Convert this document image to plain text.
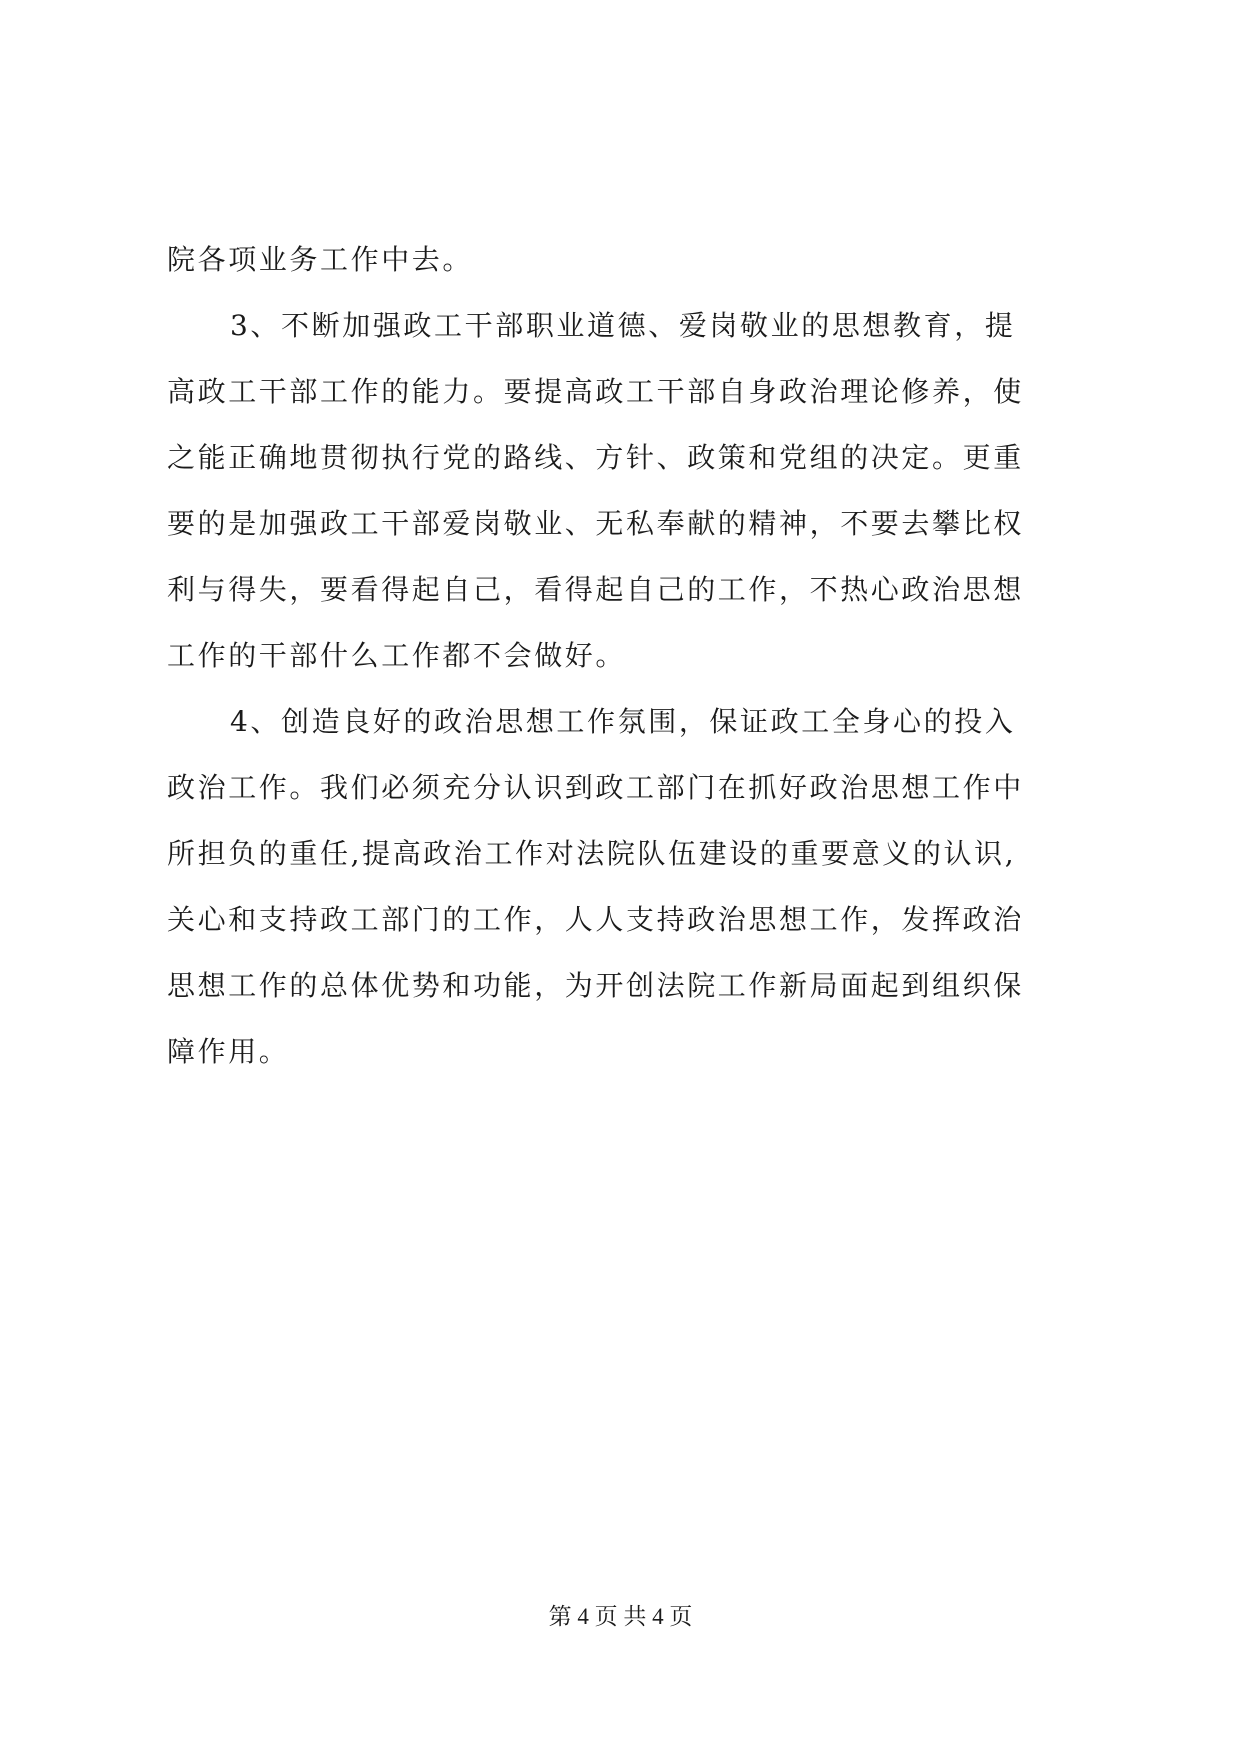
院各项业务工作中去。
3、不断加强政工干部职业道德、爱岗敬业的思想教育，提
高政工干部工作的能力。要提高政工干部自身政治理论修养，使
之能正确地贯彻执行党的路线、方针、政策和党组的决定。更重
要的是加强政工干部爱岗敬业、无私奉献的精神，不要去攀比权
利与得失，要看得起自己，看得起自己的工作，不热心政治思想
工作的干部什么工作都不会做好。
4、创造良好的政治思想工作氛围，保证政工全身心的投入
政治工作。我们必须充分认识到政工部门在抓好政治思想工作中
所担负的重任,提高政治工作对法院队伍建设的重要意义的认识,
关心和支持政工部门的工作，人人支持政治思想工作，发挥政治
思想工作的总体优势和功能，为开创法院工作新局面起到组织保
障作用。
第 4 页 共 4 页
